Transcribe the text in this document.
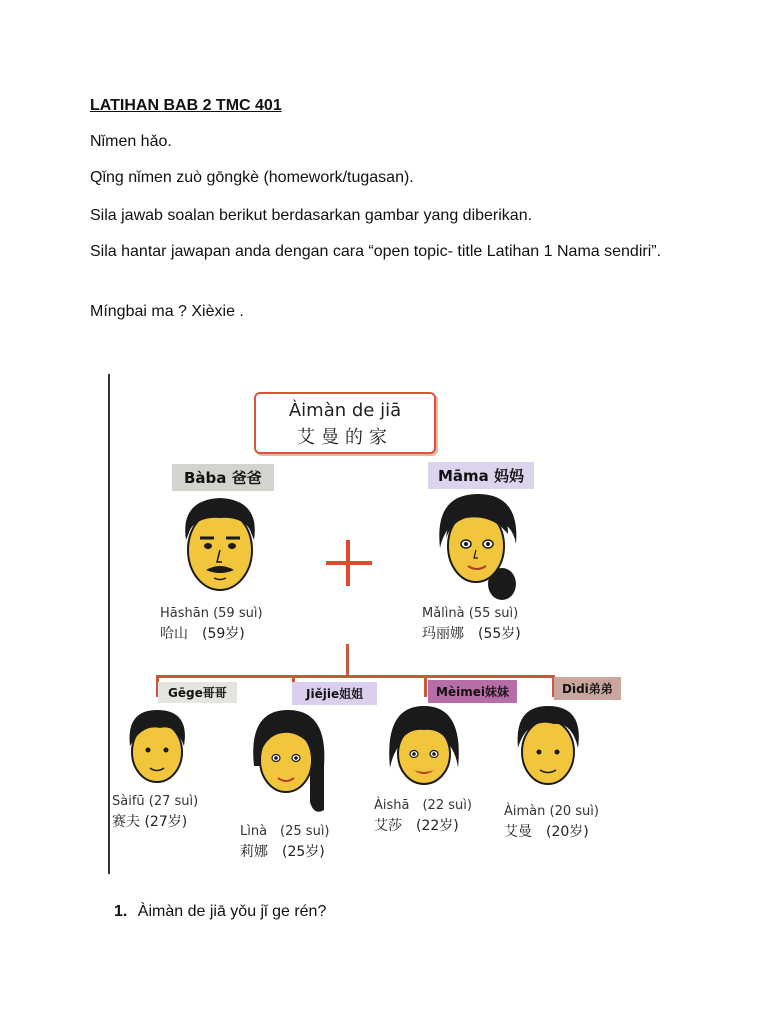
LATIHAN BAB 2 TMC 401

Nǐmen hǎo.

Qǐng nǐmen zuò gōngkè (homework/tugasan).

Sila jawab soalan berikut berdasarkan gambar yang diberikan.

Sila hantar jawapan anda dengan cara “open topic- title Latihan 1 Nama sendiri”.

Míngbai ma ? Xièxie .

Àimàn de jiā
艾曼的家
Bàba 爸爸	Māma 妈妈
Hāshān (59 suì)
哈山　(59岁)
Mǎlìnà (55 suì)
玛丽娜　(55岁)
Gēge哥哥	Jiějie姐姐	Mèimei妹妹	Dìdi弟弟
Sàifū (27 suì)
赛夫 (27岁)
Lìnà　(25 suì)
莉娜　(25岁)
Àishā　(22 suì)
艾莎　(22岁)
Àimàn (20 suì)
艾曼　(20岁)
1. Àimàn de jiā yǒu jǐ ge rén?
